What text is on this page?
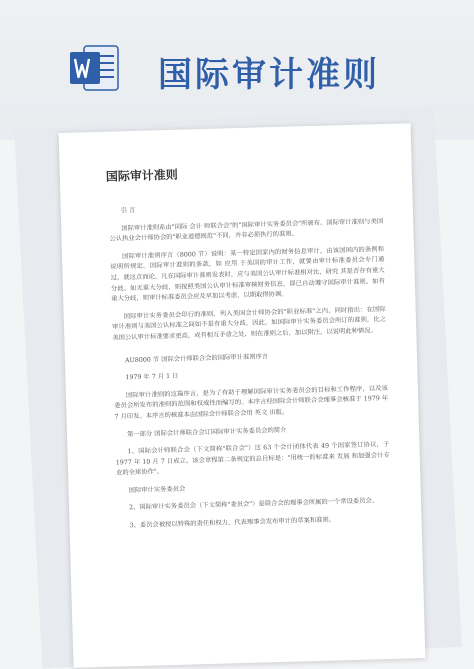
国际审计准则
国际审计准则

引 言

国际审计准则系由"国际 会计 师联合会"的"国际审计实务委员会"所颁布。国际审计准则与美国公认执业会计师协会的"职业道德规范"不同，并非必须执行的准则。

国际审计准则序言（8000 节）说明：某一特定国家内的财务信息审计，由该国国内的条例和说明所规定。国际审计准则的条款，如 应用 于美国的审计工作，就要由审计标准委员会专门通过。就这点而论，凡在国际审计准则发表时，应与美国公认审计标准相对比，研究 其是否存有重大分歧。如无重大分歧，则按照美国公认审计标准审核财务信息，即已自动遵守国际审计准则。如有重大分歧，则审计标准委员会应及早加以考虑，以期取得协调。

国际审计实务委员会印行的准则，列入美国会计师协会的"职业标准"之内，同时指出：在国际审计准则与美国公认标准之间如不是有重大分歧，因此，如国际审计实务委员会所订的准则，比之美国公认审计标准要求更高，或有相互矛盾之处，则在准则之后，加以附注，以说明此种情况。

AU8000 节 国际会计师联合会的国际审计准则序言

1979 年 7 月 1 日

国际审计准则的这篇序言，是为了有助于理解国际审计实务委员会的目标和工作程序，以及该委员会所发布的准则的范围和权威性而编写的。本序言经国际会计师联合会理事会核准于 1979 年 7 月印发。本序言的核准本由国际会计师联合会用 英文 出版。

第一部分 国际会计师联合会订国际审计实务委员会的简介

1、国际会计师联合会（下文简称"联合会"）这 63 个会计团体代表 49 个国家签订协议，于 1977 年 10 月 7 日成立。该会章程第二条规定的总目标是："用统一的标准来 发展 和加强会计专业的全球协作"。

国际审计实务委员会

2、国际审计实务委员会（下文简称"委员会"）是联合会的理事会所属的一个常设委员会。

3、委员会被授以特殊的责任和权力，代表理事会发布审计的草案和准则。
